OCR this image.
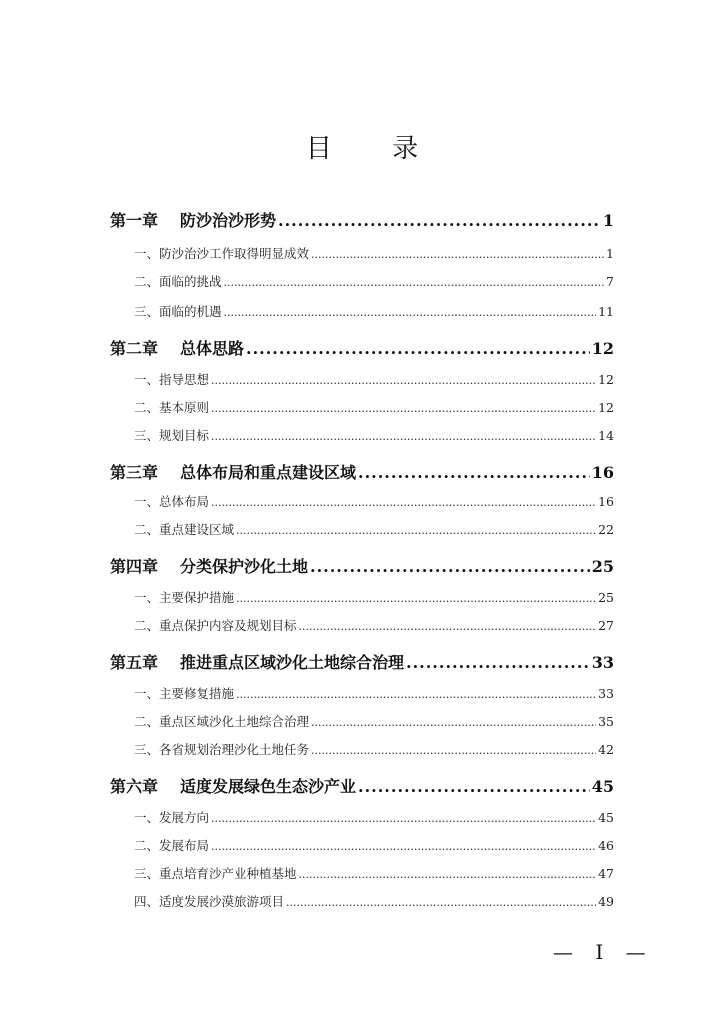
目 录
第一章	防沙治沙形势 .....	1
一、防沙治沙工作取得明显成效 .....	1
二、面临的挑战 .....	7
三、面临的机遇 .....	11
第二章	总体思路 .....	12
一、指导思想 .....	12
二、基本原则 .....	12
三、规划目标 .....	14
第三章	总体布局和重点建设区域 .....	16
一、总体布局 .....	16
二、重点建设区域 .....	22
第四章	分类保护沙化土地 .....	25
一、主要保护措施 .....	25
二、重点保护内容及规划目标 .....	27
第五章	推进重点区域沙化土地综合治理 .....	33
一、主要修复措施 .....	33
二、重点区域沙化土地综合治理 .....	35
三、各省规划治理沙化土地任务 .....	42
第六章	适度发展绿色生态沙产业 .....	45
一、发展方向 .....	45
二、发展布局 .....	46
三、重点培育沙产业种植基地 .....	47
四、适度发展沙漠旅游项目 .....	49
— Ⅰ —
